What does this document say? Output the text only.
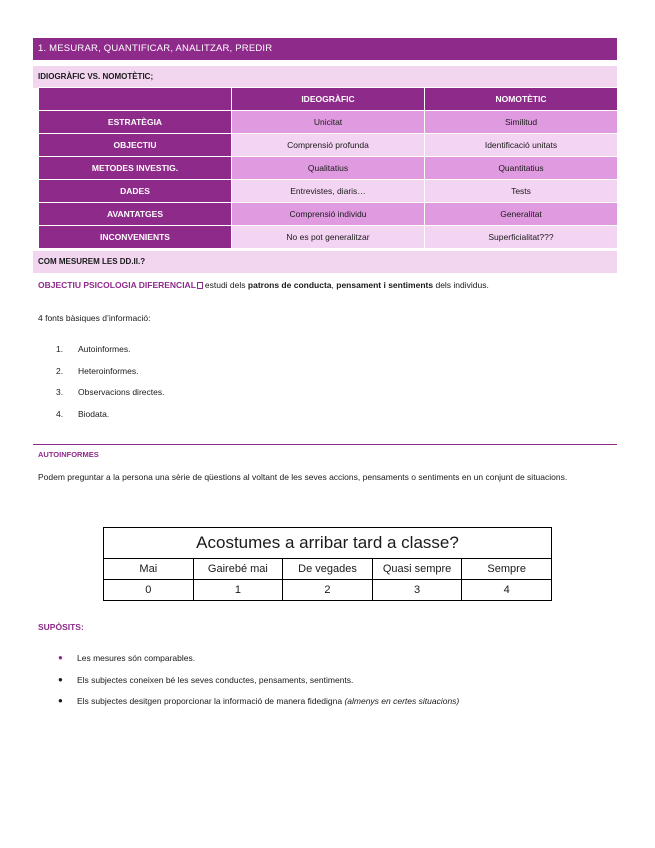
1. MESURAR, QUANTIFICAR, ANALITZAR, PREDIR
IDIOGRÀFIC VS. NOMOTÈTIC;
	IDEOGRÀFIC	NOMOTÈTIC
ESTRATÈGIA	Unicitat	Similitud
OBJECTIU	Comprensió profunda	Identificació unitats
METODES INVESTIG.	Qualitatius	Quantitatius
DADES	Entrevistes, diaris…	Tests
AVANTATGES	Comprensió individu	Generalitat
INCONVENIENTS	No es pot generalitzar	Superficialitat???
COM MESUREM LES DD.II.?
OBJECTIU PSICOLOGIA DIFERENCIAL estudi dels patrons de conducta, pensament i sentiments dels individus.
4 fonts bàsiques d’informació:
1.	Autoinformes.
2.	Heteroinformes.
3.	Observacions directes.
4.	Biodata.
AUTOINFORMES
Podem preguntar a la persona una sèrie de qüestions al voltant de les seves accions, pensaments o sentiments en un conjunt de situacions.
Acostumes a arribar tard a classe?				
Mai	Gairebé mai	De vegades	Quasi sempre	Sempre
0	1	2	3	4
SUPÒSITS:
●	Les mesures són comparables.
●	Els subjectes coneixen bé les seves conductes, pensaments, sentiments.
●	Els subjectes desitgen proporcionar la informació de manera fidedigna
(almenys en certes situacions)
